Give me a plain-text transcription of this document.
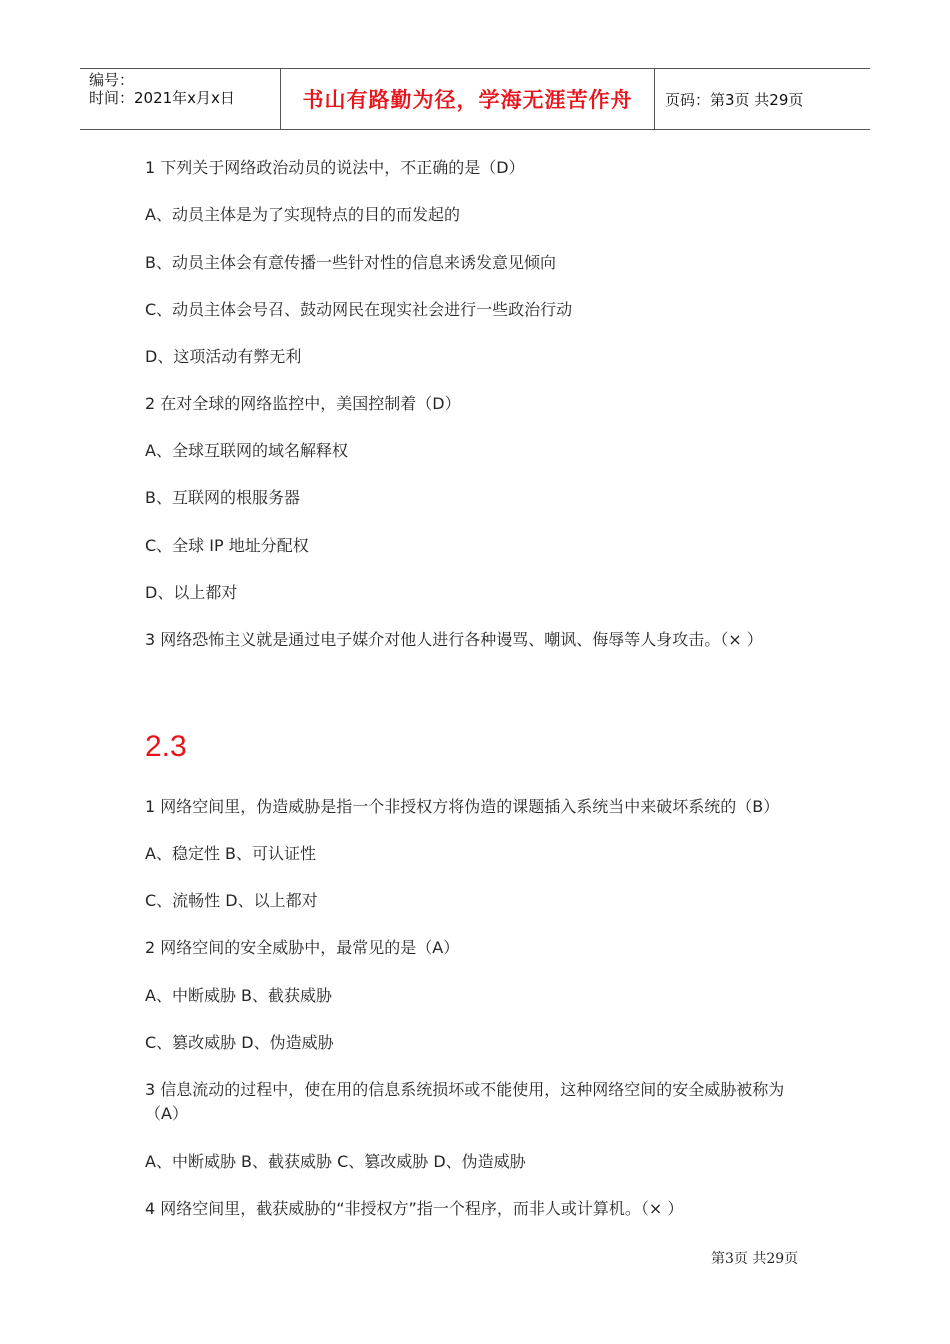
编号：
时间：2021年x月x日	书山有路勤为径，学海无涯苦作舟	页码：第3页 共29页
1 下列关于网络政治动员的说法中，不正确的是（D）
A、动员主体是为了实现特点的目的而发起的
B、动员主体会有意传播一些针对性的信息来诱发意见倾向
C、动员主体会号召、鼓动网民在现实社会进行一些政治行动
D、这项活动有弊无利
2 在对全球的网络监控中，美国控制着（D）
A、全球互联网的域名解释权
B、互联网的根服务器
C、全球 IP 地址分配权
D、以上都对
3 网络恐怖主义就是通过电子媒介对他人进行各种谩骂、嘲讽、侮辱等人身攻击。（× ）
2.3
1 网络空间里，伪造威胁是指一个非授权方将伪造的课题插入系统当中来破坏系统的（B）
A、稳定性 B、可认证性
C、流畅性 D、以上都对
2 网络空间的安全威胁中，最常见的是（A）
A、中断威胁 B、截获威胁
C、篡改威胁 D、伪造威胁
3 信息流动的过程中，使在用的信息系统损坏或不能使用，这种网络空间的安全威胁被称为（A）
A、中断威胁 B、截获威胁 C、篡改威胁 D、伪造威胁
4 网络空间里，截获威胁的“非授权方”指一个程序，而非人或计算机。（× ）
第3页 共29页
